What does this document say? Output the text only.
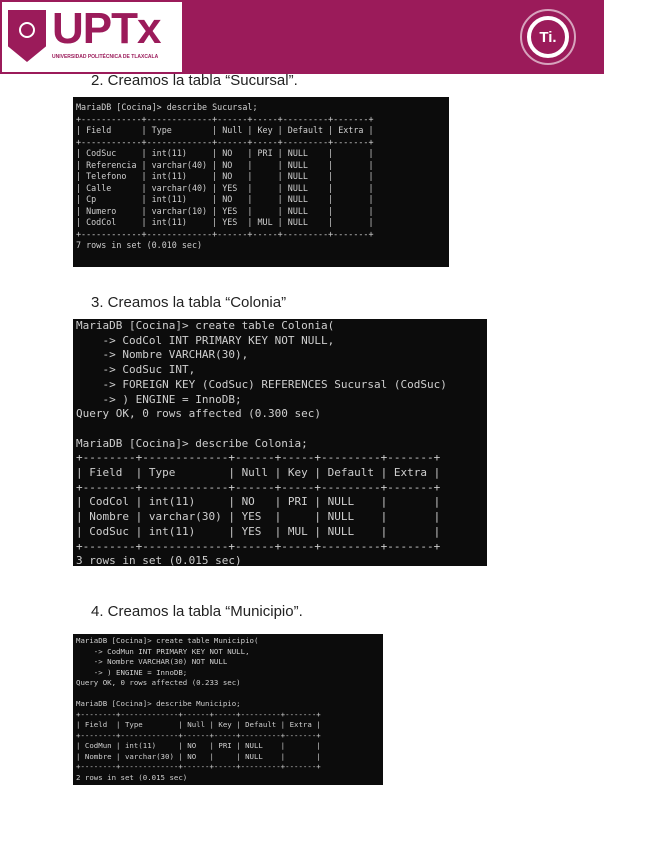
UPTx
UNIVERSIDAD POLITÉCNICA DE TLAXCALA
Ti.
2. Creamos la tabla “Sucursal”.
MariaDB [Cocina]> describe Sucursal;
+------------+-------------+------+-----+---------+-------+
| Field      | Type        | Null | Key | Default | Extra |
+------------+-------------+------+-----+---------+-------+
| CodSuc     | int(11)     | NO   | PRI | NULL    |       |
| Referencia | varchar(40) | NO   |     | NULL    |       |
| Telefono   | int(11)     | NO   |     | NULL    |       |
| Calle      | varchar(40) | YES  |     | NULL    |       |
| Cp         | int(11)     | NO   |     | NULL    |       |
| Numero     | varchar(10) | YES  |     | NULL    |       |
| CodCol     | int(11)     | YES  | MUL | NULL    |       |
+------------+-------------+------+-----+---------+-------+
7 rows in set (0.010 sec)
3. Creamos la tabla “Colonia”
MariaDB [Cocina]> create table Colonia(
-> CodCol INT PRIMARY KEY NOT NULL,
-> Nombre VARCHAR(30),
-> CodSuc INT,
-> FOREIGN KEY (CodSuc) REFERENCES Sucursal (CodSuc)
-> ) ENGINE = InnoDB;
Query OK, 0 rows affected (0.300 sec)

MariaDB [Cocina]> describe Colonia;
+--------+-------------+------+-----+---------+-------+
| Field  | Type        | Null | Key | Default | Extra |
+--------+-------------+------+-----+---------+-------+
| CodCol | int(11)     | NO   | PRI | NULL    |       |
| Nombre | varchar(30) | YES  |     | NULL    |       |
| CodSuc | int(11)     | YES  | MUL | NULL    |       |
+--------+-------------+------+-----+---------+-------+
3 rows in set (0.015 sec)
4. Creamos la tabla “Municipio”.
MariaDB [Cocina]> create table Municipio(
-> CodMun INT PRIMARY KEY NOT NULL,
-> Nombre VARCHAR(30) NOT NULL
-> ) ENGINE = InnoDB;
Query OK, 0 rows affected (0.233 sec)

MariaDB [Cocina]> describe Municipio;
+--------+-------------+------+-----+---------+-------+
| Field  | Type        | Null | Key | Default | Extra |
+--------+-------------+------+-----+---------+-------+
| CodMun | int(11)     | NO   | PRI | NULL    |       |
| Nombre | varchar(30) | NO   |     | NULL    |       |
+--------+-------------+------+-----+---------+-------+
2 rows in set (0.015 sec)
